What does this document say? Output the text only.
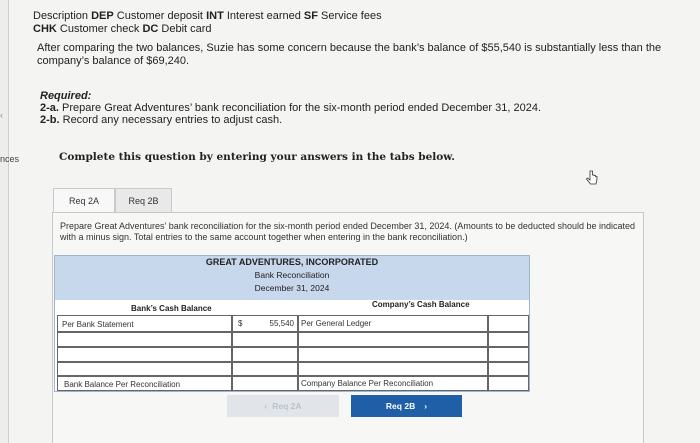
‹
nces
Description DEP Customer deposit INT Interest earned SF Service fees
CHK Customer check DC Debit card
After comparing the two balances, Suzie has some concern because the bank’s balance of $55,540 is substantially less than the company’s balance of $69,240.
Required:
2-a. Prepare Great Adventures’ bank reconciliation for the six-month period ended December 31, 2024.
2-b. Record any necessary entries to adjust cash.
Complete this question by entering your answers in the tabs below.
Req 2A	Req 2B
Prepare Great Adventures’ bank reconciliation for the six-month period ended December 31, 2024. (Amounts to be deducted should be indicated with a minus sign. Total entries to the same account together when entering in the bank reconciliation.)
GREAT ADVENTURES, INCORPORATED
Bank Reconciliation
December 31, 2024
Bank’s Cash Balance	Company’s Cash Balance
Per Bank Statement	$	55,540 Per General Ledger
Bank Balance Per Reconciliation	Company Balance Per Reconciliation
‹ Req 2A	Req 2B ›
